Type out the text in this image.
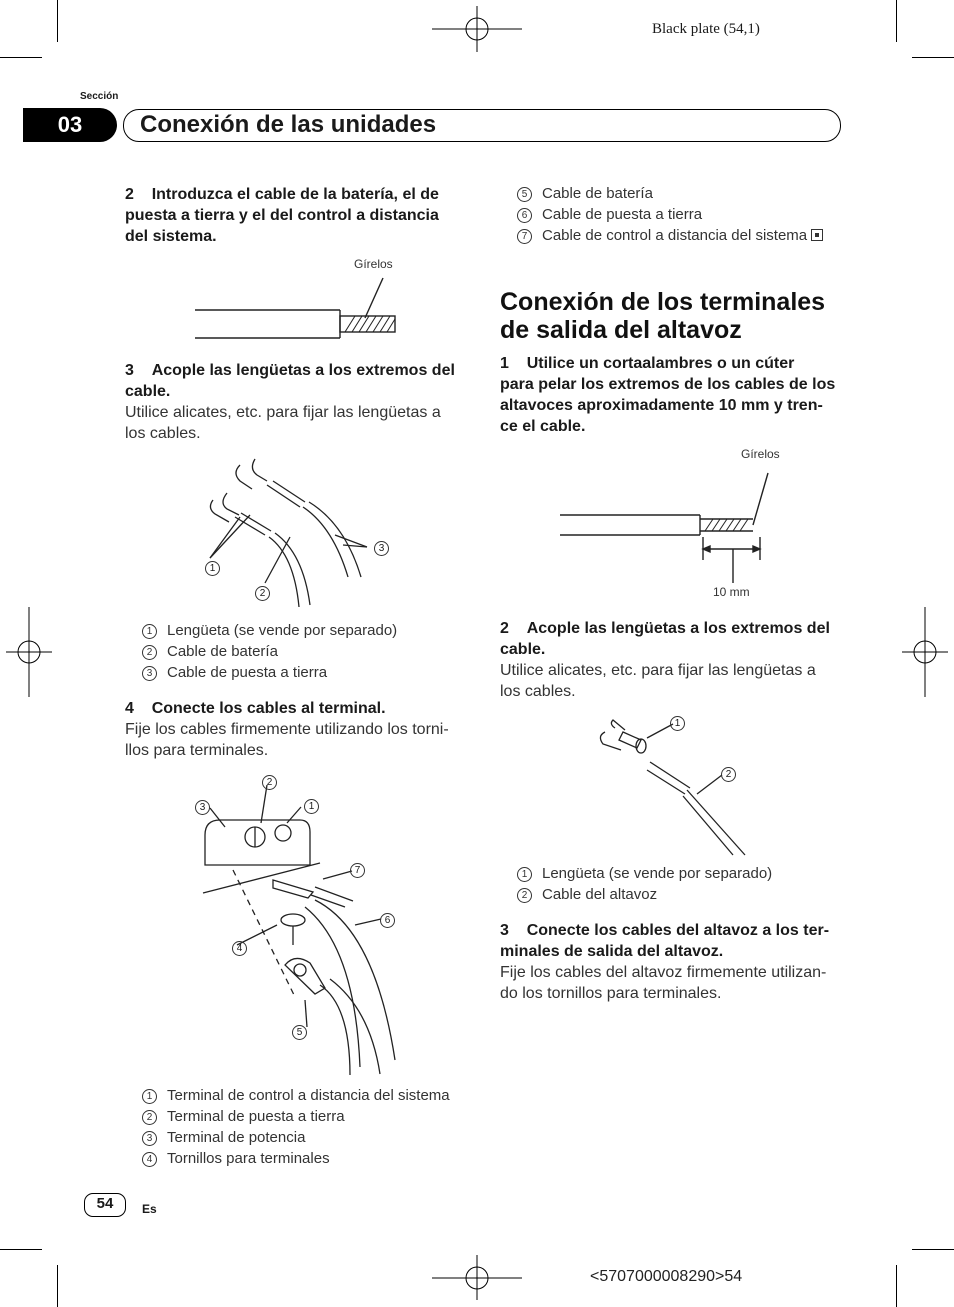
Black plate (54,1)
Sección
03	Conexión de las unidades
2 Introduzca el cable de la batería, el de
puesta a tierra y el del control a distancia
del sistema.
Gírelos
3 Acople las lengüetas a los extremos del
cable.
Utilice alicates, etc. para fijar las lengüetas a
los cables.
1
2
3
1 Lengüeta (se vende por separado)
2 Cable de batería
3 Cable de puesta a tierra
4 Conecte los cables al terminal.
Fije los cables firmemente utilizando los torni-
llos para terminales.
3
2
1
7
6
4
5
1 Terminal de control a distancia del sistema
2 Terminal de puesta a tierra
3 Terminal de potencia
4 Tornillos para terminales
5 Cable de batería
6 Cable de puesta a tierra
7 Cable de control a distancia del sistema
Conexión de los terminales
de salida del altavoz
1 Utilice un cortaalambres o un cúter
para pelar los extremos de los cables de los
altavoces aproximadamente 10 mm y tren-
ce el cable.
Gírelos
10 mm
2 Acople las lengüetas a los extremos del
cable.
Utilice alicates, etc. para fijar las lengüetas a
los cables.
1
2
1 Lengüeta (se vende por separado)
2 Cable del altavoz
3 Conecte los cables del altavoz a los ter-
minales de salida del altavoz.
Fije los cables del altavoz firmemente utilizan-
do los tornillos para terminales.
54	Es
<5707000008290>54
